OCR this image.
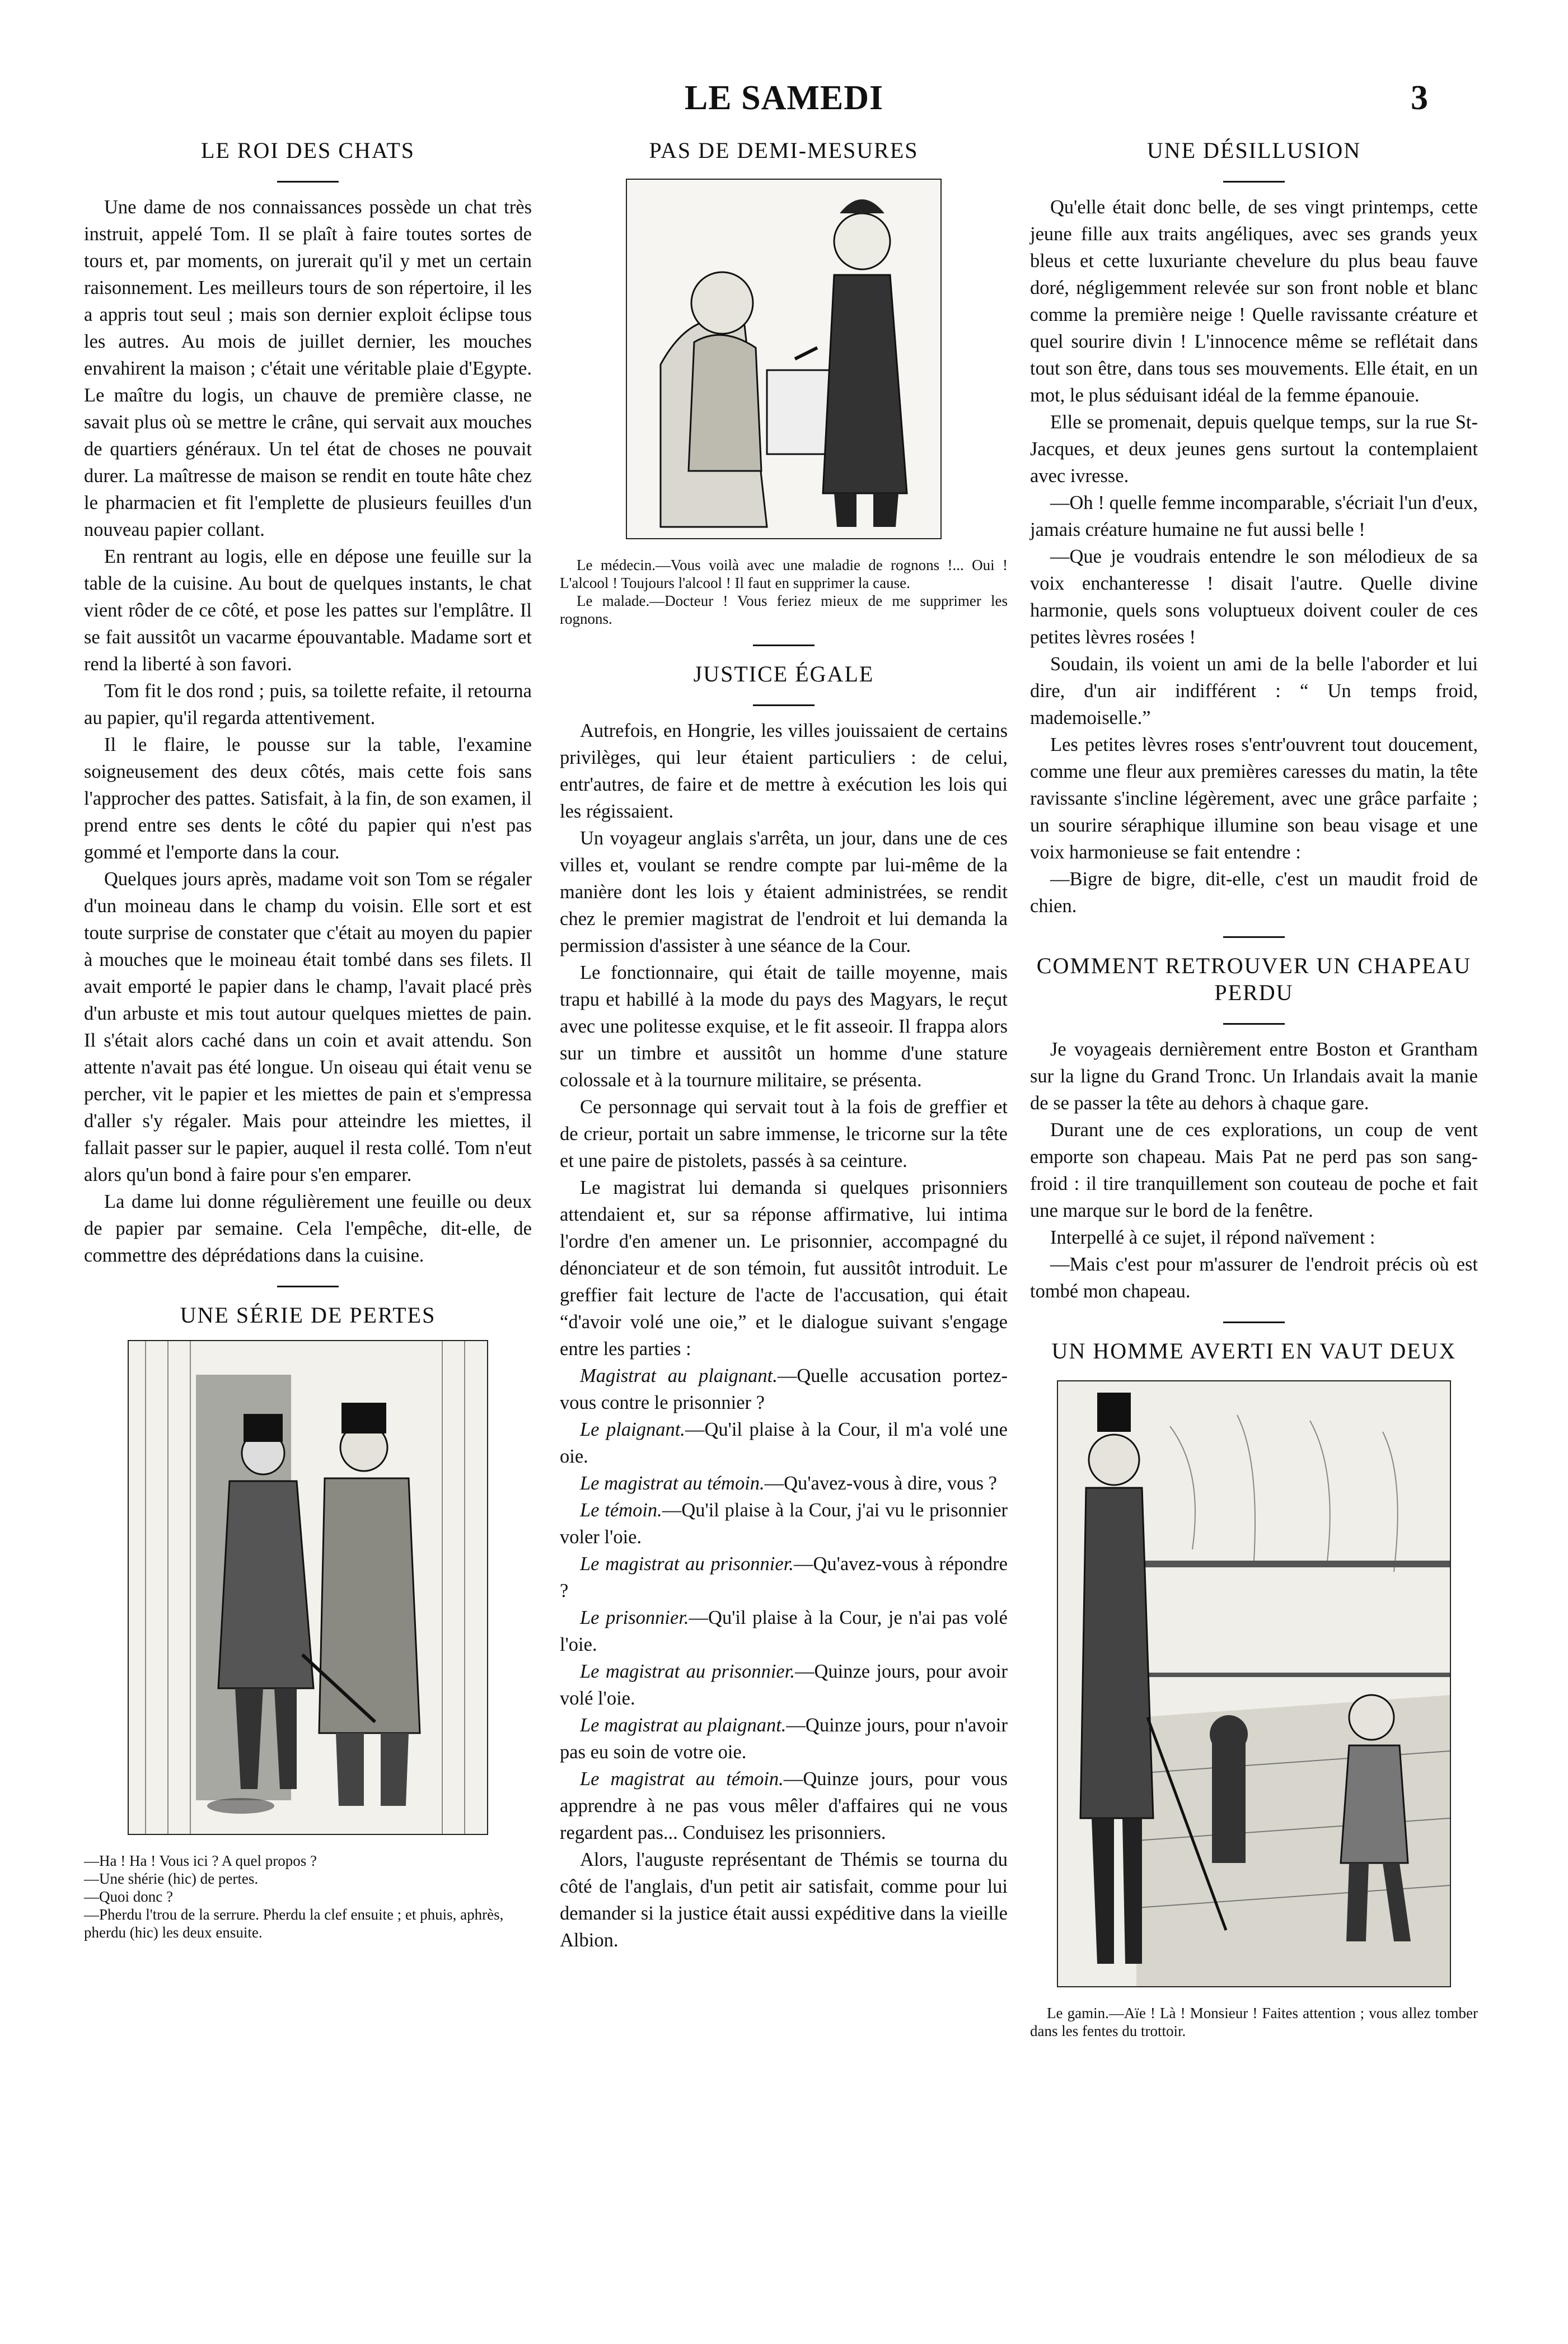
LE SAMEDI	3
LE ROI DES CHATS

Une dame de nos connaissances possède un chat très instruit, appelé Tom. Il se plaît à faire toutes sortes de tours et, par moments, on jurerait qu'il y met un certain raisonnement. Les meilleurs tours de son répertoire, il les a appris tout seul ; mais son dernier exploit éclipse tous les autres. Au mois de juillet dernier, les mouches envahirent la maison ; c'était une véritable plaie d'Egypte. Le maître du logis, un chauve de première classe, ne savait plus où se mettre le crâne, qui servait aux mouches de quartiers généraux. Un tel état de choses ne pouvait durer. La maîtresse de maison se rendit en toute hâte chez le pharmacien et fit l'emplette de plusieurs feuilles d'un nouveau papier collant.

En rentrant au logis, elle en dépose une feuille sur la table de la cuisine. Au bout de quelques instants, le chat vient rôder de ce côté, et pose les pattes sur l'emplâtre. Il se fait aussitôt un vacarme épouvantable. Madame sort et rend la liberté à son favori.

Tom fit le dos rond ; puis, sa toilette refaite, il retourna au papier, qu'il regarda attentivement.

Il le flaire, le pousse sur la table, l'examine soigneusement des deux côtés, mais cette fois sans l'approcher des pattes. Satisfait, à la fin, de son examen, il prend entre ses dents le côté du papier qui n'est pas gommé et l'emporte dans la cour.

Quelques jours après, madame voit son Tom se régaler d'un moineau dans le champ du voisin. Elle sort et est toute surprise de constater que c'était au moyen du papier à mouches que le moineau était tombé dans ses filets. Il avait emporté le papier dans le champ, l'avait placé près d'un arbuste et mis tout autour quelques miettes de pain. Il s'était alors caché dans un coin et avait attendu. Son attente n'avait pas été longue. Un oiseau qui était venu se percher, vit le papier et les miettes de pain et s'empressa d'aller s'y régaler. Mais pour atteindre les miettes, il fallait passer sur le papier, auquel il resta collé. Tom n'eut alors qu'un bond à faire pour s'en emparer.

La dame lui donne régulièrement une feuille ou deux de papier par semaine. Cela l'empêche, dit-elle, de commettre des déprédations dans la cuisine.

UNE SÉRIE DE PERTES

—Ha ! Ha ! Vous ici ? A quel propos ?

—Une shérie (hic) de pertes.

—Quoi donc ?

—Pherdu l'trou de la serrure. Pherdu la clef ensuite ; et phuis, aphrès, pherdu (hic) les deux ensuite.

PAS DE DEMI-MESURES

Le médecin.—Vous voilà avec une maladie de rognons !... Oui ! L'alcool ! Toujours l'alcool ! Il faut en supprimer la cause.

Le malade.—Docteur ! Vous feriez mieux de me supprimer les rognons.

JUSTICE ÉGALE

Autrefois, en Hongrie, les villes jouissaient de certains privilèges, qui leur étaient particuliers : de celui, entr'autres, de faire et de mettre à exécution les lois qui les régissaient.

Un voyageur anglais s'arrêta, un jour, dans une de ces villes et, voulant se rendre compte par lui-même de la manière dont les lois y étaient administrées, se rendit chez le premier magistrat de l'endroit et lui demanda la permission d'assister à une séance de la Cour.

Le fonctionnaire, qui était de taille moyenne, mais trapu et habillé à la mode du pays des Magyars, le reçut avec une politesse exquise, et le fit asseoir. Il frappa alors sur un timbre et aussitôt un homme d'une stature colossale et à la tournure militaire, se présenta.

Ce personnage qui servait tout à la fois de greffier et de crieur, portait un sabre immense, le tricorne sur la tête et une paire de pistolets, passés à sa ceinture.

Le magistrat lui demanda si quelques prisonniers attendaient et, sur sa réponse affirmative, lui intima l'ordre d'en amener un. Le prisonnier, accompagné du dénonciateur et de son témoin, fut aussitôt introduit. Le greffier fait lecture de l'acte de l'accusation, qui était “d'avoir volé une oie,” et le dialogue suivant s'engage entre les parties :

Magistrat au plaignant.—Quelle accusation portez-vous contre le prisonnier ?

Le plaignant.—Qu'il plaise à la Cour, il m'a volé une oie.

Le magistrat au témoin.—Qu'avez-vous à dire, vous ?

Le témoin.—Qu'il plaise à la Cour, j'ai vu le prisonnier voler l'oie.

Le magistrat au prisonnier.—Qu'avez-vous à répondre ?

Le prisonnier.—Qu'il plaise à la Cour, je n'ai pas volé l'oie.

Le magistrat au prisonnier.—Quinze jours, pour avoir volé l'oie.

Le magistrat au plaignant.—Quinze jours, pour n'avoir pas eu soin de votre oie.

Le magistrat au témoin.—Quinze jours, pour vous apprendre à ne pas vous mêler d'affaires qui ne vous regardent pas... Conduisez les prisonniers.

Alors, l'auguste représentant de Thémis se tourna du côté de l'anglais, d'un petit air satisfait, comme pour lui demander si la justice était aussi expéditive dans la vieille Albion.

UNE DÉSILLUSION

Qu'elle était donc belle, de ses vingt printemps, cette jeune fille aux traits angéliques, avec ses grands yeux bleus et cette luxuriante chevelure du plus beau fauve doré, négligemment relevée sur son front noble et blanc comme la première neige ! Quelle ravissante créature et quel sourire divin ! L'innocence même se reflétait dans tout son être, dans tous ses mouvements. Elle était, en un mot, le plus séduisant idéal de la femme épanouie.

Elle se promenait, depuis quelque temps, sur la rue St-Jacques, et deux jeunes gens surtout la contemplaient avec ivresse.

—Oh ! quelle femme incomparable, s'écriait l'un d'eux, jamais créature humaine ne fut aussi belle !

—Que je voudrais entendre le son mélodieux de sa voix enchanteresse ! disait l'autre. Quelle divine harmonie, quels sons voluptueux doivent couler de ces petites lèvres rosées !

Soudain, ils voient un ami de la belle l'aborder et lui dire, d'un air indifférent : “ Un temps froid, mademoiselle.”

Les petites lèvres roses s'entr'ouvrent tout doucement, comme une fleur aux premières caresses du matin, la tête ravissante s'incline légèrement, avec une grâce parfaite ; un sourire séraphique illumine son beau visage et une voix harmonieuse se fait entendre :

—Bigre de bigre, dit-elle, c'est un maudit froid de chien.

COMMENT RETROUVER UN CHAPEAU PERDU

Je voyageais dernièrement entre Boston et Grantham sur la ligne du Grand Tronc. Un Irlandais avait la manie de se passer la tête au dehors à chaque gare.

Durant une de ces explorations, un coup de vent emporte son chapeau. Mais Pat ne perd pas son sang-froid : il tire tranquillement son couteau de poche et fait une marque sur le bord de la fenêtre.

Interpellé à ce sujet, il répond naïvement :

—Mais c'est pour m'assurer de l'endroit précis où est tombé mon chapeau.

UN HOMME AVERTI EN VAUT DEUX

Le gamin.—Aïe ! Là ! Monsieur ! Faites attention ; vous allez tomber dans les fentes du trottoir.
